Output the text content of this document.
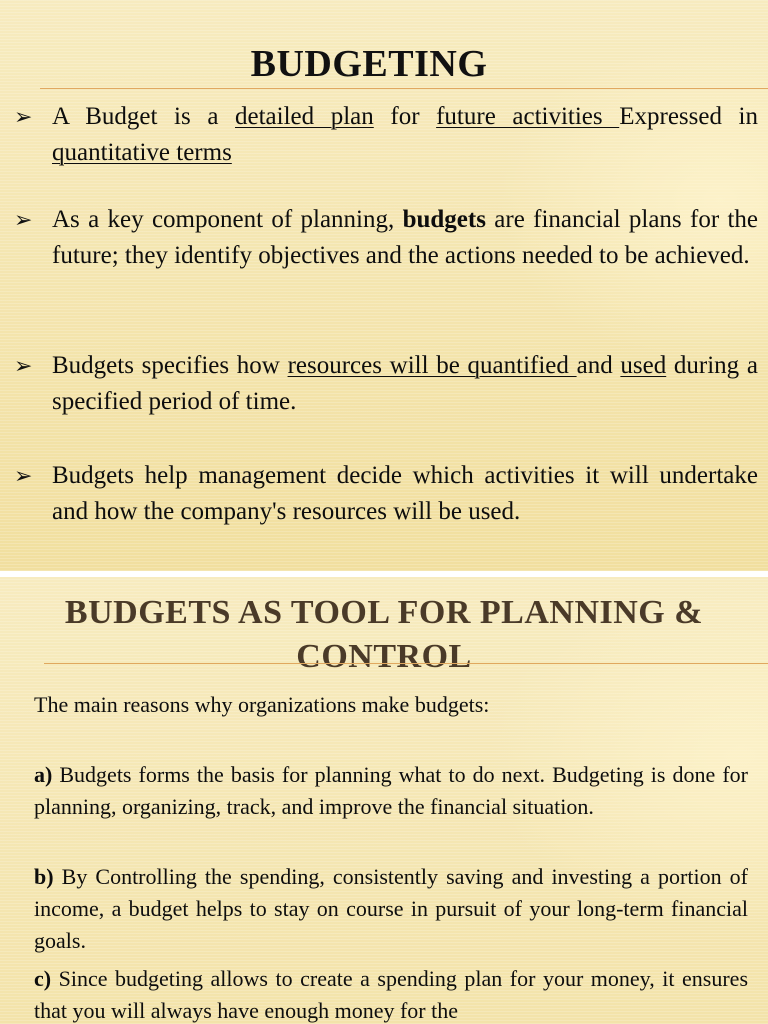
BUDGETING
➢ A Budget is a detailed plan for future activities Expressed in quantitative terms
➢ As a key component of planning, budgets are financial plans for the future; they identify objectives and the actions needed to be achieved.
➢ Budgets specifies how resources will be quantified and used during a specified period of time.
➢ Budgets help management decide which activities it will undertake and how the company's resources will be used.
BUDGETS AS TOOL FOR PLANNING & CONTROL
The main reasons why organizations make budgets:
a) Budgets forms the basis for planning what to do next. Budgeting is done for planning, organizing, track, and improve the financial situation.
b) By Controlling the spending, consistently saving and investing a portion of income, a budget helps to stay on course in pursuit of your long-term financial goals.
c) Since budgeting allows to create a spending plan for your money, it ensures that you will always have enough money for the
